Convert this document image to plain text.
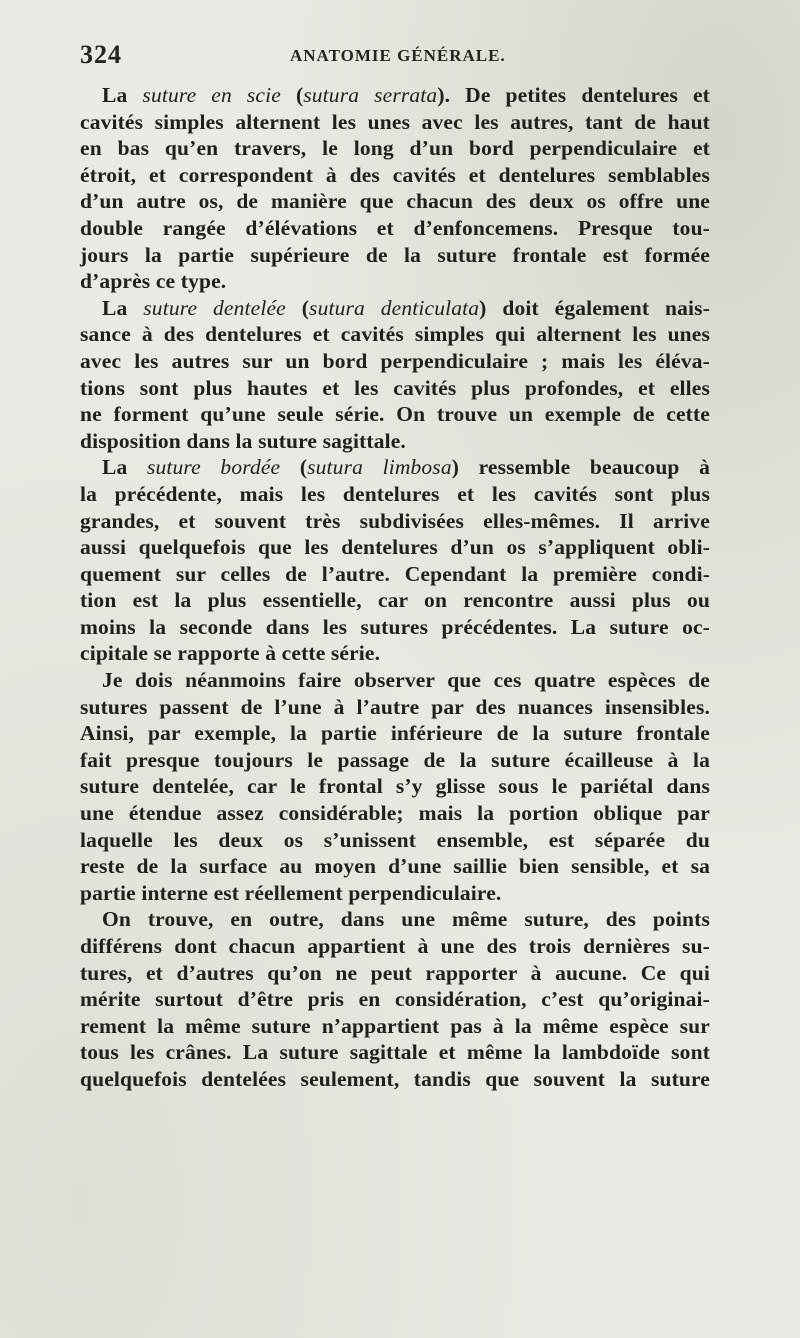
324	ANATOMIE GÉNÉRALE.
La suture en scie (sutura serrata). De petites dentelures et
cavités simples alternent les unes avec les autres, tant de haut
en bas qu’en travers, le long d’un bord perpendiculaire et
étroit, et correspondent à des cavités et dentelures semblables
d’un autre os, de manière que chacun des deux os offre une
double rangée d’élévations et d’enfoncemens. Presque tou-
jours la partie supérieure de la suture frontale est formée
d’après ce type.
La suture dentelée (sutura denticulata) doit également nais-
sance à des dentelures et cavités simples qui alternent les unes
avec les autres sur un bord perpendiculaire ; mais les éléva-
tions sont plus hautes et les cavités plus profondes, et elles
ne forment qu’une seule série. On trouve un exemple de cette
disposition dans la suture sagittale.
La suture bordée (sutura limbosa) ressemble beaucoup à
la précédente, mais les dentelures et les cavités sont plus
grandes, et souvent très subdivisées elles-mêmes. Il arrive
aussi quelquefois que les dentelures d’un os s’appliquent obli-
quement sur celles de l’autre. Cependant la première condi-
tion est la plus essentielle, car on rencontre aussi plus ou
moins la seconde dans les sutures précédentes. La suture oc-
cipitale se rapporte à cette série.
Je dois néanmoins faire observer que ces quatre espèces de
sutures passent de l’une à l’autre par des nuances insensibles.
Ainsi, par exemple, la partie inférieure de la suture frontale
fait presque toujours le passage de la suture écailleuse à la
suture dentelée, car le frontal s’y glisse sous le pariétal dans
une étendue assez considérable; mais la portion oblique par
laquelle les deux os s’unissent ensemble, est séparée du
reste de la surface au moyen d’une saillie bien sensible, et sa
partie interne est réellement perpendiculaire.
On trouve, en outre, dans une même suture, des points
différens dont chacun appartient à une des trois dernières su-
tures, et d’autres qu’on ne peut rapporter à aucune. Ce qui
mérite surtout d’être pris en considération, c’est qu’originai-
rement la même suture n’appartient pas à la même espèce sur
tous les crânes. La suture sagittale et même la lambdoïde sont
quelquefois dentelées seulement, tandis que souvent la suture
